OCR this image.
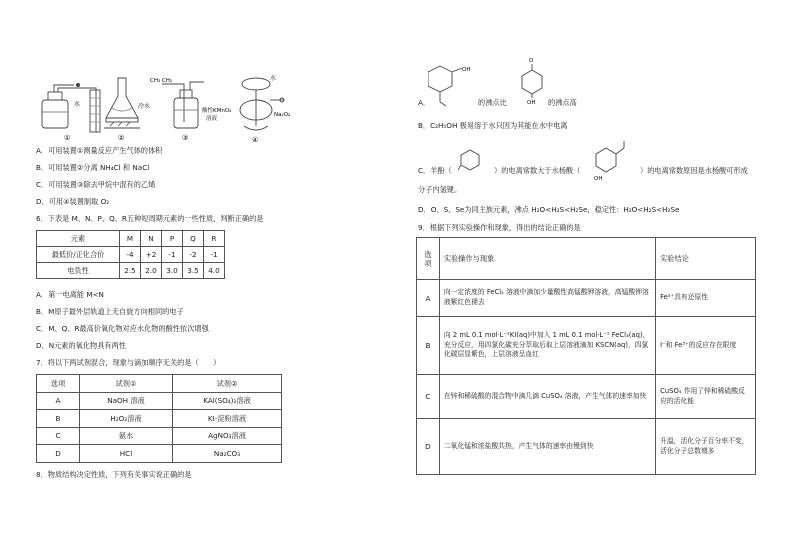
水
①	②	③	④
冷水
CH₃ CH₂
酸性KMnO₄
溶液
水
Na₂O₂
A．可用装置①测量反应产生气体的体积
B．可用装置②分离 NH₄Cl 和 NaCl
C．可用装置③除去甲烷中混有的乙烯
D．可用④装置制取 O₂
6．下表是 M、N、P、Q、R五种短周期元素的一些性质，判断正确的是
元素	M	N	P	Q	R
最低价/正化合价	-4	+2	-1	-2	-1
电负性	2.5	2.0	3.0	3.5	4.0
A．第一电离能 M<N
B．M原子最外层轨道上无自旋方向相同的电子
C．M、Q、R最高价氧化物对应水化物的酸性依次增强
D．N元素的氧化物具有两性
7．将以下两试剂混合，现象与滴加顺序无关的是（　　）
选项	试剂①	试剂②
A	NaOH 溶液	KAl(SO₄)₂溶液
B	H₂O₂溶液	KI-淀粉溶液
C	氨水	AgNO₃溶液
D	HCl	Na₂CO₃
8．物质结构决定性质，下列有关事实说正确的是
A．
OH
的沸点比
O
OH 的沸点高
B．C₂H₅OH 极易溶于水只因为其能在水中电离
C．羊酚（	）的电离常数大于水杨酸（
OH
）的电离常数原因是水杨酸可形成
分子内氢键。
D．O、S、Se为同主族元素，沸点 H₂O<H₂S<H₂Se，稳定性：H₂O<H₂S<H₂Se
9．根据下列实验操作和现象，得出的结论正确的是
选项	实验操作与现象	实验结论
A	向一定浓度的 FeCl₂ 溶液中滴加少量酸性高锰酸钾溶液，高锰酸钾溶液紫红色褪去	Fe²⁺具有还原性
B	向 2 mL 0.1 mol·L⁻¹KI(aq)中加入 1 mL 0.1 mol·L⁻¹ FeCl₃(aq)，充分反应，用四氯化碳充分萃取后取上层溶液滴加 KSCN(aq)，四氯化碳层显紫色，上层溶液呈血红	I⁻和 Fe³⁺的反应存在限度
C	在锌和稀硫酸的混合物中滴几滴 CuSO₄ 溶液，产生气体的速率加快	CuSO₄ 作用了锌和稀硫酸反应的活化能
D	二氧化锰和浓盐酸共热，产生气体的速率由慢到快	升温，活化分子百分率不变，活化分子总数增多
